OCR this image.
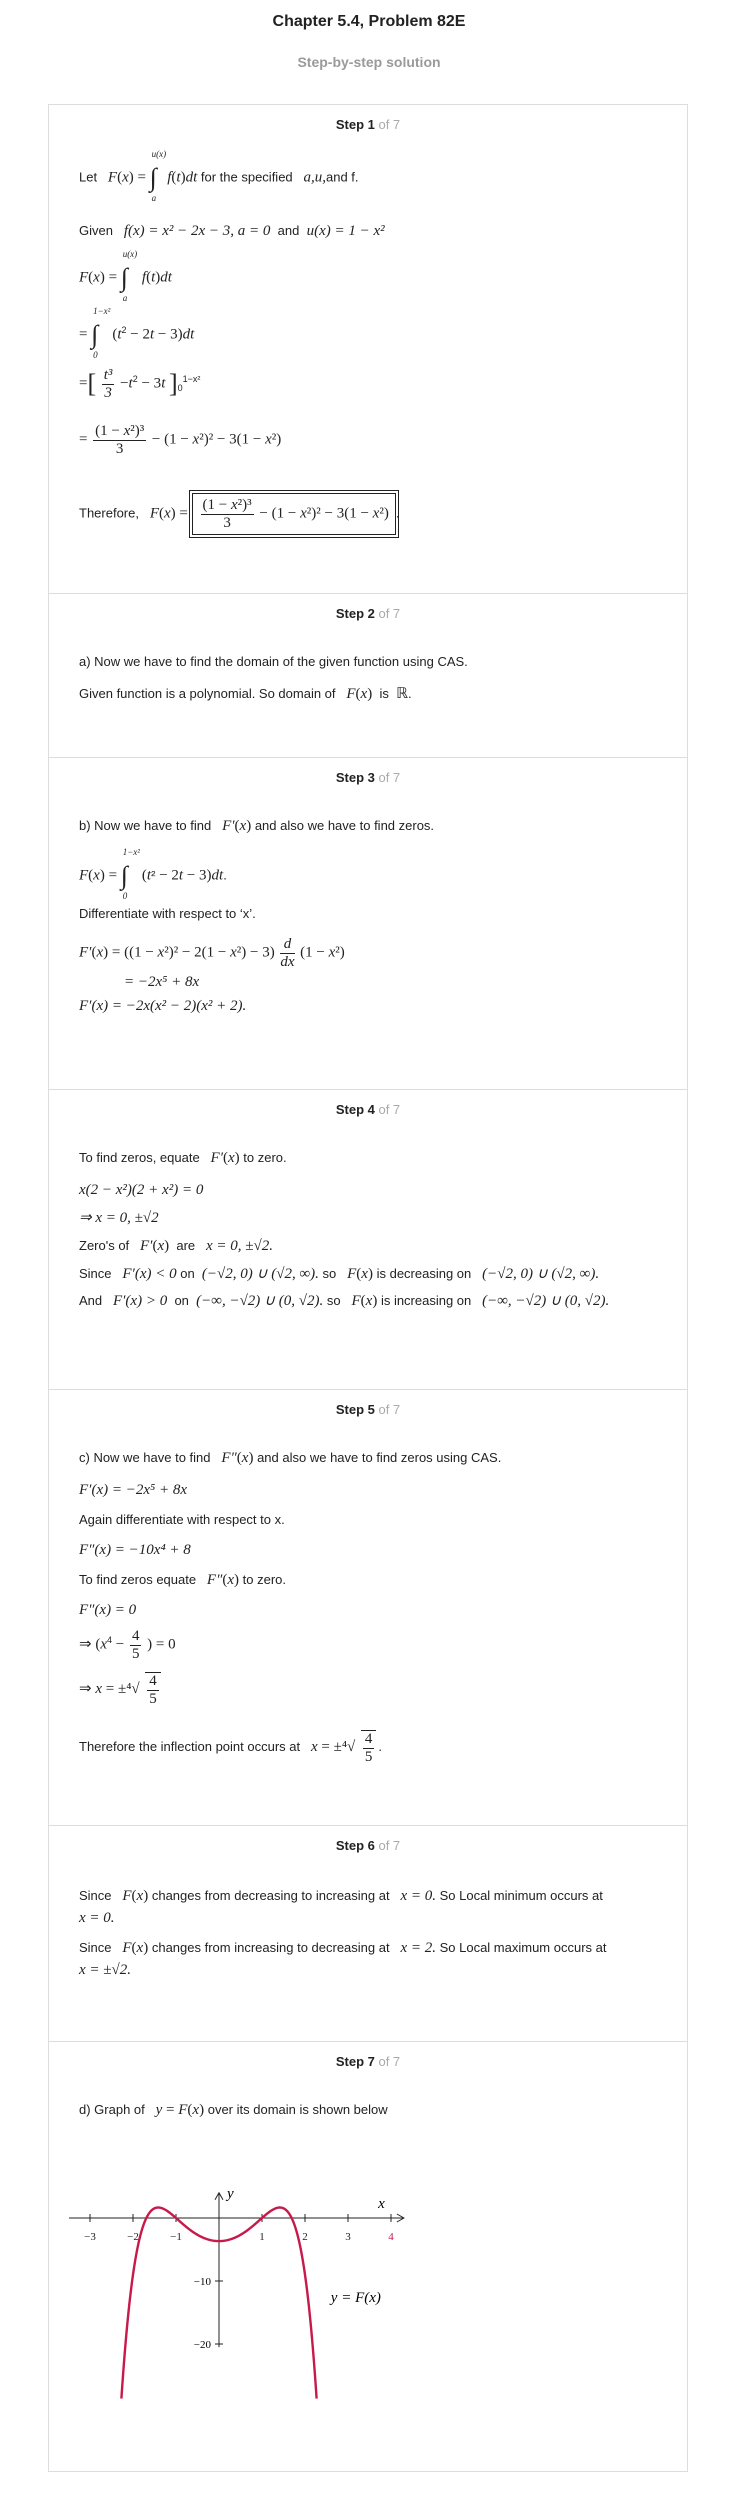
Chapter 5.4, Problem 82E
Step-by-step solution
Step 1 of 7
Let F(x) =
u(x)
∫
a
f(t)dt for the specified a,u,and f.
Given f(x) = x² − 2x − 3, a = 0 and u(x) = 1 − x²
F(x) =
u(x)
∫
a
f(t)dt
=
1−x²
∫
0
$(t^2 - 2t - 3)dt$
=[ $\frac{\text{t³}}{3} -t^2 - 3t$ ]$_0^{1-x^2}$
= $\frac{\text{(1 − x²)³}}{3} - (1 - x^2)^2 - 3(1 - x^2)$
Therefore, $F(x) = \frac{\text{(1 − x²)³}}{3} - (1 - x^2)^2 - 3(1 - x^2)$.
Step 2 of 7
a) Now we have to find the domain of the given function using CAS.
Given function is a polynomial. So domain of F(x) is ℝ.
Step 3 of 7
b) Now we have to find F′(x) and also we have to find zeros.
F(x) =
1−x²
∫
0
(t² − 2t − 3)dt.
Differentiate with respect to ‘x’.
$F'(x) = ((1 - x^2)^2 - 2(1 - x^2) - 3) \frac{d}{dx} (1 - x^2)$
= −2x⁵ + 8x
F′(x) = −2x(x² − 2)(x² + 2).
Step 4 of 7
To find zeros, equate F′(x) to zero.
x(2 − x²)(2 + x²) = 0
⇒ x = 0, ±√2
Zero's of F′(x) are x = 0, ±√2.
Since F′(x) < 0 on (−√2, 0) ∪ (√2, ∞). so F(x) is decreasing on (−√2, 0) ∪ (√2, ∞).
And F′(x) > 0 on (−∞, −√2) ∪ (0, √2). so F(x) is increasing on (−∞, −√2) ∪ (0, √2).
Step 5 of 7
c) Now we have to find F″(x) and also we have to find zeros using CAS.
F′(x) = −2x⁵ + 8x
Again differentiate with respect to x.
F″(x) = −10x⁴ + 8
To find zeros equate F″(x) to zero.
F″(x) = 0
⇒ ($x^4 - \frac{4}{5}$ ) = 0
⇒ $x = \pm^4√ \frac{4}{5}$
Therefore the inflection point occurs at $x = \pm^4√ \frac{4}{5}$ .
Step 6 of 7
Since F(x) changes from decreasing to increasing at x = 0. So Local minimum occurs at
x = 0.
Since F(x) changes from increasing to decreasing at x = 2. So Local maximum occurs at
x = ±√2.
Step 7 of 7
d) Graph of y = F(x) over its domain is shown below
x
y
y = F(x)
−3	−2	−1	1	2	3	4
−10
−20
